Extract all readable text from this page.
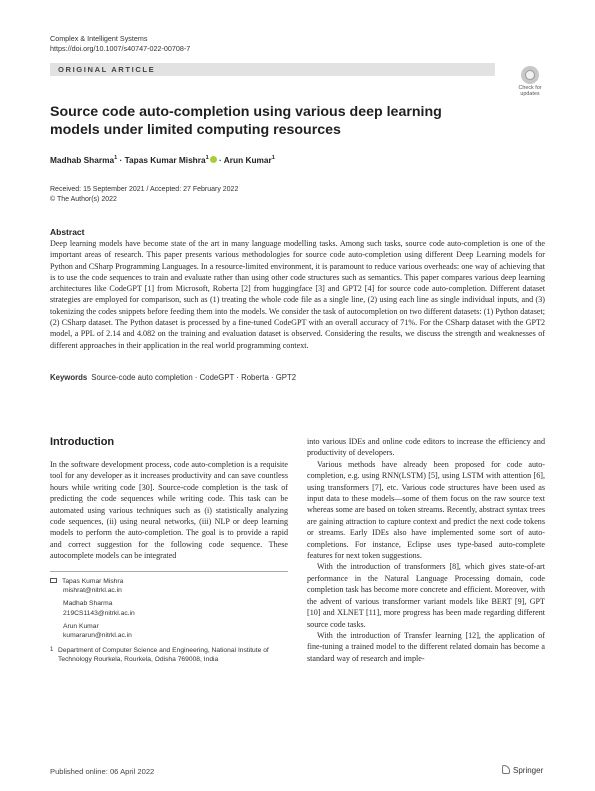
Complex & Intelligent Systems
https://doi.org/10.1007/s40747-022-00708-7
ORIGINAL ARTICLE
Check for updates
Source code auto-completion using various deep learning models under limited computing resources
Madhab Sharma$^1$ · Tapas Kumar Mishra$^1$ · Arun Kumar$^1$
Received: 15 September 2021 / Accepted: 27 February 2022
© The Author(s) 2022
Abstract
Deep learning models have become state of the art in many language modelling tasks. Among such tasks, source code auto-completion is one of the important areas of research. This paper presents various methodologies for source code auto-completion using different Deep Learning models for Python and CSharp Programming Languages. In a resource-limited environment, it is paramount to reduce various overheads: one way of achieving that is to use the code sequences to train and evaluate rather than using other code structures such as semantics. This paper compares various deep learning architectures like CodeGPT [1] from Microsoft, Roberta [2] from huggingface [3] and GPT2 [4] for source code auto-completion. Different dataset strategies are employed for comparison, such as (1) treating the whole code file as a single line, (2) using each line as single individual inputs, and (3) tokenizing the codes snippets before feeding them into the models. We consider the task of autocompletion on two different datasets: (1) Python dataset; (2) CSharp dataset. The Python dataset is processed by a fine-tuned CodeGPT with an overall accuracy of 71%. For the CSharp dataset with the GPT2 model, a PPL of 2.14 and 4.082 on the training and evaluation dataset is observed. Considering the results, we discuss the strength and weaknesses of different approaches in their application in the real world programming context.
Keywords Source-code auto completion · CodeGPT · Roberta · GPT2
Introduction

In the software development process, code auto-completion is a requisite tool for any developer as it increases productivity and can save countless hours while writing code [30]. Source-code completion is the task of predicting the code sequences while writing code. This task can be automated using various techniques such as (i) statistically analyzing code sequences, (ii) using neural networks, (iii) NLP or deep learning models to perform the auto-completion. The goal is to provide a rapid and correct suggestion for the following code sequence. These autocomplete models can be integrated

into various IDEs and online code editors to increase the efficiency and productivity of developers.

Various methods have already been proposed for code auto-completion, e.g. using RNN(LSTM) [5], using LSTM with attention [6], using transformers [7], etc. Various code structures have been used as input data to these models—some of them focus on the raw source text whereas some are based on token streams. Recently, abstract syntax trees are gaining attraction to capture context and predict the next code tokens or streams. Early IDEs also have implemented some sort of auto-completions. For instance, Eclipse uses type-based auto-complete features for next token suggestions.

With the introduction of transformers [8], which gives state-of-art performance in the Natural Language Processing domain, code completion task has become more concrete and efficient. Moreover, with the advent of various transformer variant models like BERT [9], GPT [10] and XLNET [11], more progress has been made regarding different source code tasks.

With the introduction of Transfer learning [12], the application of fine-tuning a trained model to the different related domain has become a standard way of research and imple-

Tapas Kumar Mishra
mishrat@nitrkl.ac.in
Madhab Sharma
219CS1143@nitrkl.ac.in
Arun Kumar
kumararun@nitrkl.ac.in
1 Department of Computer Science and Engineering, National Institute of Technology Rourkela, Rourkela, Odisha 769008, India
Published online: 06 April 2022	Springer
